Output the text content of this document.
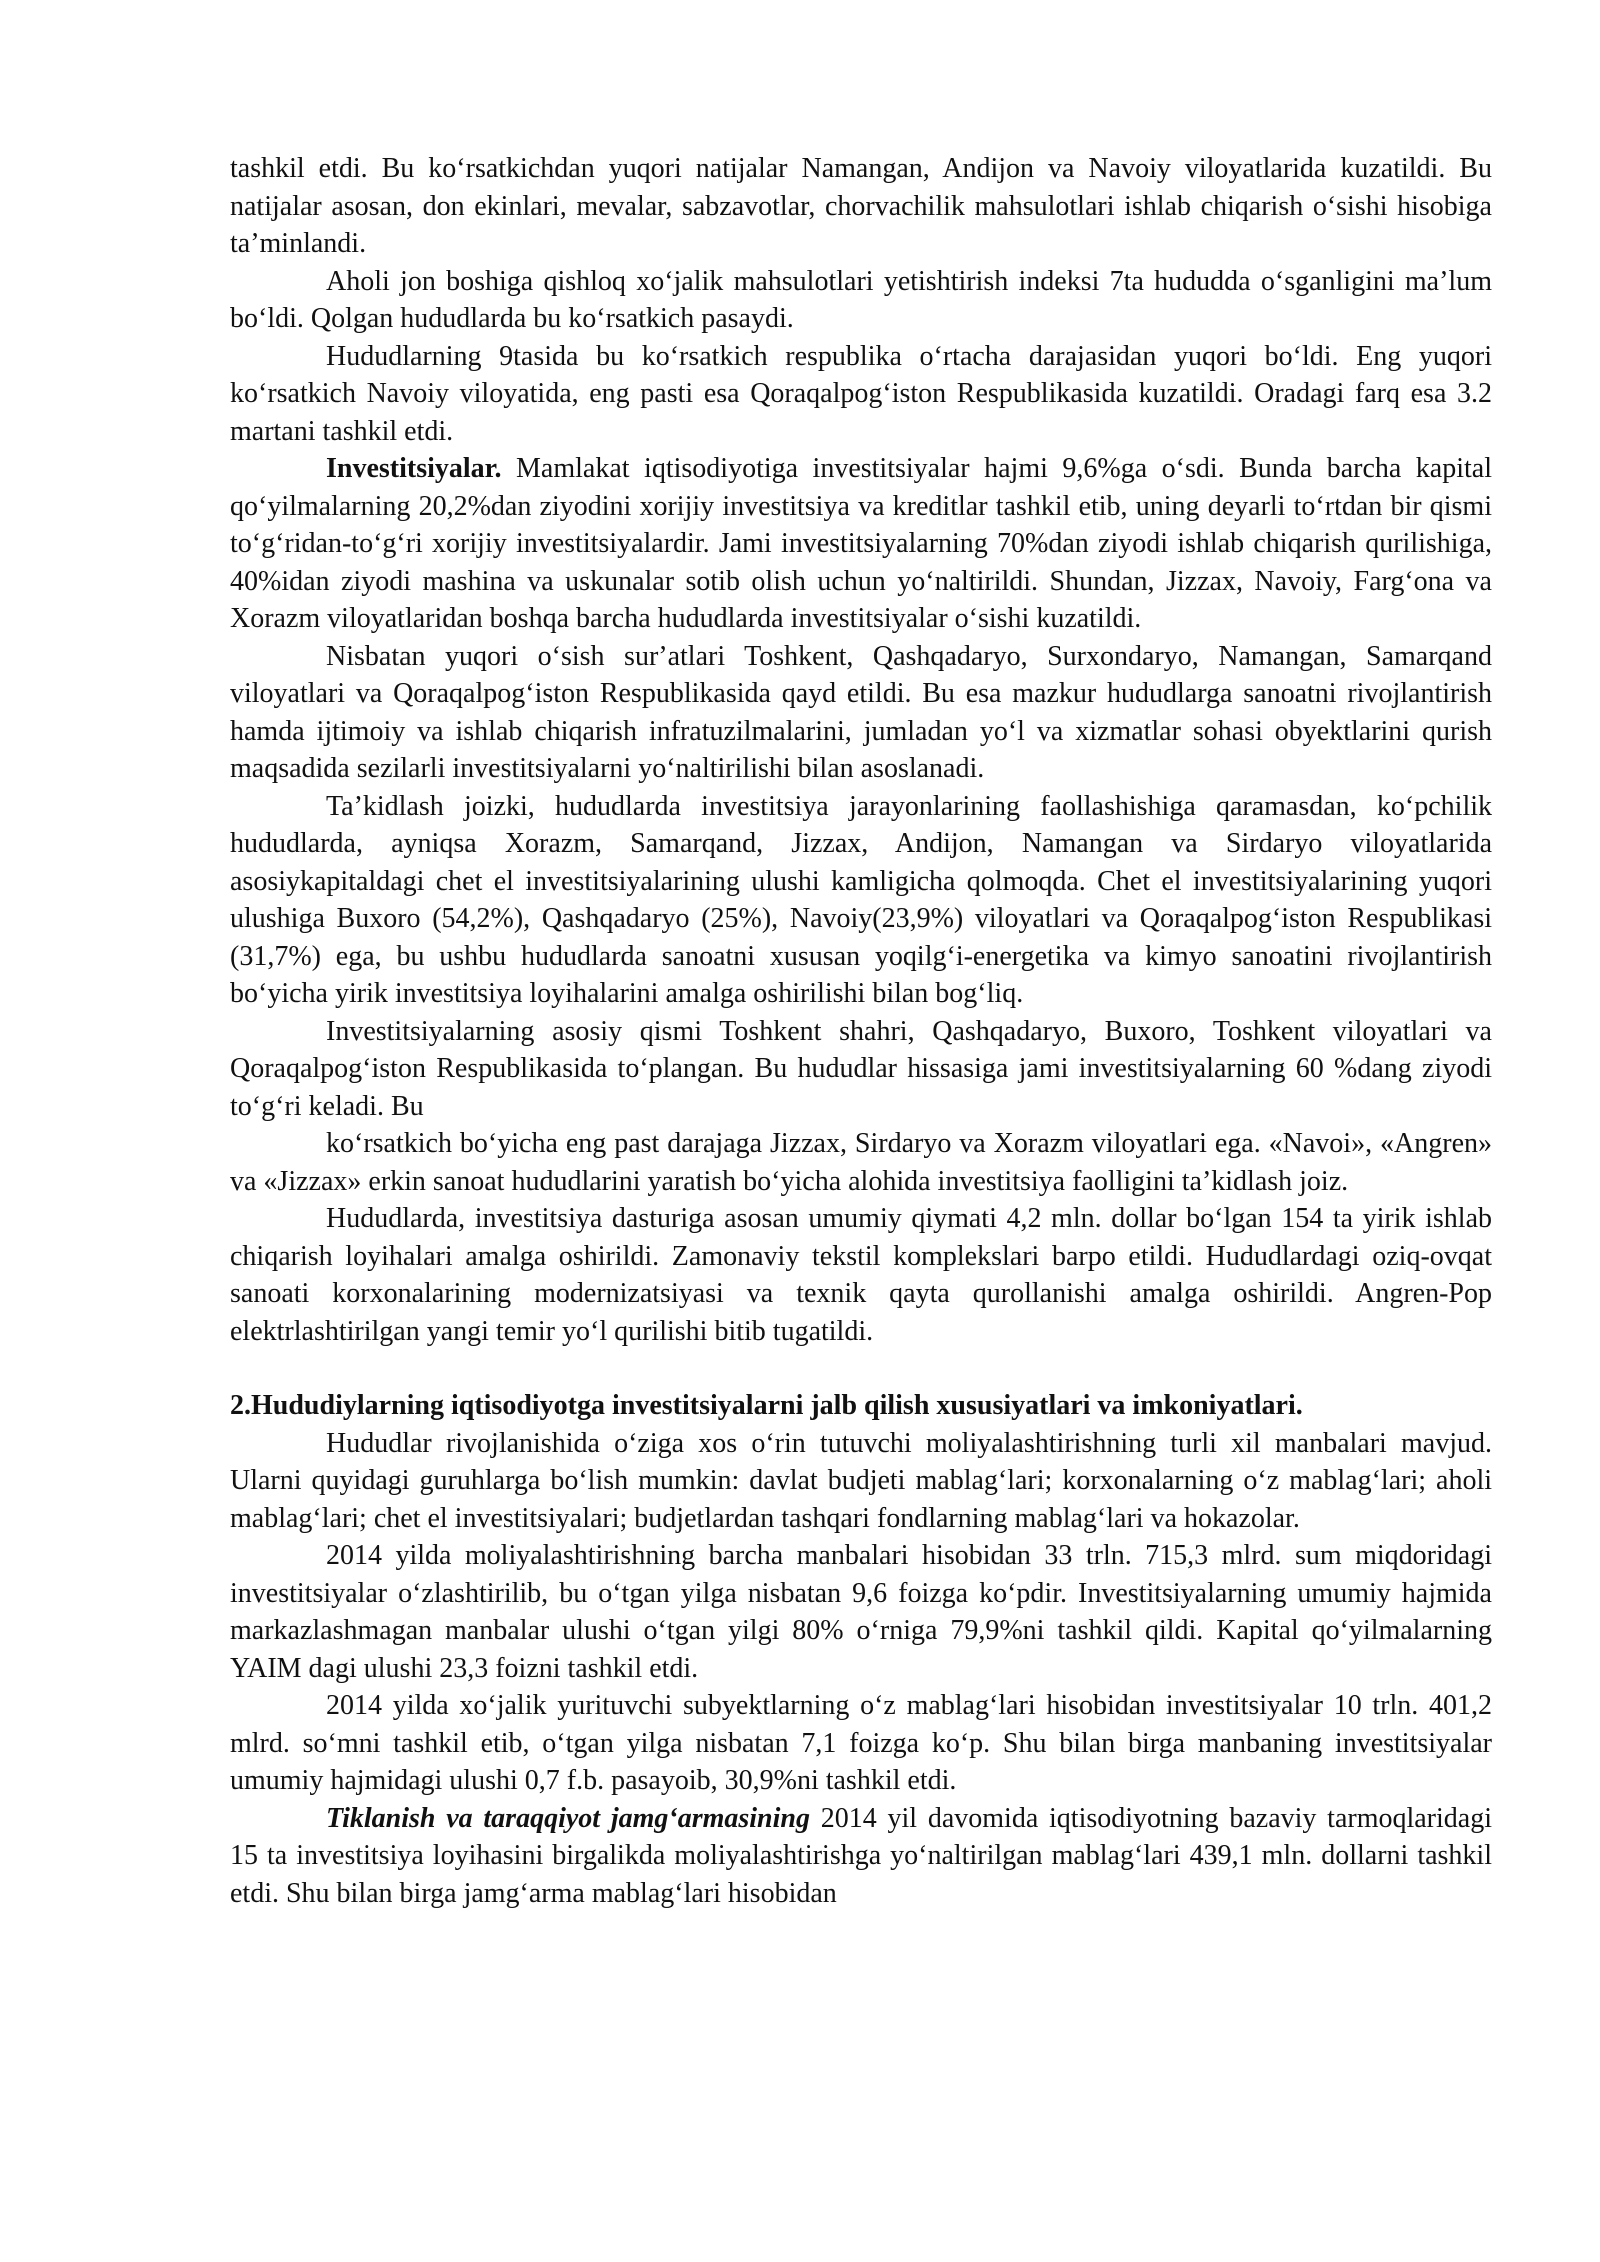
tashkil etdi. Bu koʻrsatkichdan yuqori natijalar Namangan, Andijon va Navoiy viloyatlarida kuzatildi. Bu natijalar asosan, don ekinlari, mevalar, sabzavotlar, chorvachilik mahsulotlari ishlab chiqarish oʻsishi hisobiga taʼminlandi.

Aholi jon boshiga qishloq xoʻjalik mahsulotlari yetishtirish indeksi 7ta hududda oʻsganligini maʼlum boʻldi. Qolgan hududlarda bu koʻrsatkich pasaydi.

Hududlarning 9tasida bu koʻrsatkich respublika oʻrtacha darajasidan yuqori boʻldi. Eng yuqori koʻrsatkich Navoiy viloyatida, eng pasti esa Qoraqalpogʻiston Respublikasida kuzatildi. Oradagi farq esa 3.2 martani tashkil etdi.

Investitsiyalar. Mamlakat iqtisodiyotiga investitsiyalar hajmi 9,6%ga oʻsdi. Bunda barcha kapital qoʻyilmalarning 20,2%dan ziyodini xorijiy investitsiya va kreditlar tashkil etib, uning deyarli toʻrtdan bir qismi toʻgʻridan-toʻgʻri xorijiy investitsiyalardir. Jami investitsiyalarning 70%dan ziyodi ishlab chiqarish qurilishiga, 40%idan ziyodi mashina va uskunalar sotib olish uchun yoʻnaltirildi. Shundan, Jizzax, Navoiy, Fargʻona va Xorazm viloyatlaridan boshqa barcha hududlarda investitsiyalar oʻsishi kuzatildi.

Nisbatan yuqori oʻsish surʼatlari Toshkent, Qashqadaryo, Surxondaryo, Namangan, Samarqand viloyatlari va Qoraqalpogʻiston Respublikasida qayd etildi. Bu esa mazkur hududlarga sanoatni rivojlantirish hamda ijtimoiy va ishlab chiqarish infratuzilmalarini, jumladan yoʻl va xizmatlar sohasi obyektlarini qurish maqsadida sezilarli investitsiyalarni yoʻnaltirilishi bilan asoslanadi.

Taʼkidlash joizki, hududlarda investitsiya jarayonlarining faollashishiga qaramasdan, koʻpchilik hududlarda, ayniqsa Xorazm, Samarqand, Jizzax, Andijon, Namangan va Sirdaryo viloyatlarida asosiykapitaldagi chet el investitsiyalarining ulushi kamligicha qolmoqda. Chet el investitsiyalarining yuqori ulushiga Buxoro (54,2%), Qashqadaryo (25%), Navoiy(23,9%) viloyatlari va Qoraqalpogʻiston Respublikasi (31,7%) ega, bu ushbu hududlarda sanoatni xususan yoqilgʻi-energetika va kimyo sanoatini rivojlantirish boʻyicha yirik investitsiya loyihalarini amalga oshirilishi bilan bogʻliq.

Investitsiyalarning asosiy qismi Toshkent shahri, Qashqadaryo, Buxoro, Toshkent viloyatlari va Qoraqalpogʻiston Respublikasida toʻplangan. Bu hududlar hissasiga jami investitsiyalarning 60 %dang ziyodi toʻgʻri keladi. Bu

koʻrsatkich boʻyicha eng past darajaga Jizzax, Sirdaryo va Xorazm viloyatlari ega. «Navoi», «Angren» va «Jizzax» erkin sanoat hududlarini yaratish boʻyicha alohida investitsiya faolligini taʼkidlash joiz.

Hududlarda, investitsiya dasturiga asosan umumiy qiymati 4,2 mln. dollar boʻlgan 154 ta yirik ishlab chiqarish loyihalari amalga oshirildi. Zamonaviy tekstil komplekslari barpo etildi. Hududlardagi oziq-ovqat sanoati korxonalarining modernizatsiyasi va texnik qayta qurollanishi amalga oshirildi. Angren-Pop elektrlashtirilgan yangi temir yoʻl qurilishi bitib tugatildi.

2.Hududiylarning iqtisodiyotga investitsiyalarni jalb qilish xususiyatlari va imkoniyatlari.

Hududlar rivojlanishida oʻziga xos oʻrin tutuvchi moliyalashtirishning turli xil manbalari mavjud. Ularni quyidagi guruhlarga boʻlish mumkin: davlat budjeti mablagʻlari; korxonalarning oʻz mablagʻlari; aholi mablagʻlari; chet el investitsiyalari; budjetlardan tashqari fondlarning mablagʻlari va hokazolar.

2014 yilda moliyalashtirishning barcha manbalari hisobidan 33 trln. 715,3 mlrd. sum miqdoridagi investitsiyalar oʻzlashtirilib, bu oʻtgan yilga nisbatan 9,6 foizga koʻpdir. Investitsiyalarning umumiy hajmida markazlashmagan manbalar ulushi oʻtgan yilgi 80% oʻrniga 79,9%ni tashkil qildi. Kapital qoʻyilmalarning YAIM dagi ulushi 23,3 foizni tashkil etdi.

2014 yilda xoʻjalik yurituvchi subyektlarning oʻz mablagʻlari hisobidan investitsiyalar 10 trln. 401,2 mlrd. soʻmni tashkil etib, oʻtgan yilga nisbatan 7,1 foizga koʻp. Shu bilan birga manbaning investitsiyalar umumiy hajmidagi ulushi 0,7 f.b. pasayoib, 30,9%ni tashkil etdi.

Tiklanish va taraqqiyot jamgʻarmasining 2014 yil davomida iqtisodiyotning bazaviy tarmoqlaridagi 15 ta investitsiya loyihasini birgalikda moliyalashtirishga yoʻnaltirilgan mablagʻlari 439,1 mln. dollarni tashkil etdi. Shu bilan birga jamgʻarma mablagʻlari hisobidan
